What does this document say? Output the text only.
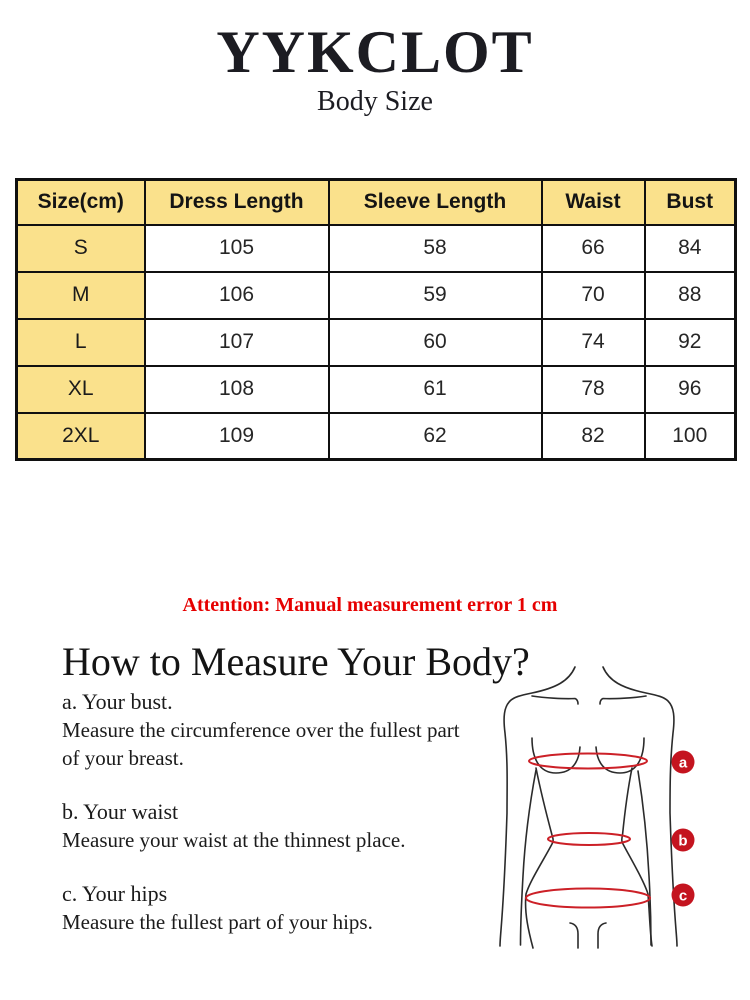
YYKCLOT
Body Size
Size(cm)	Dress Length	Sleeve Length	Waist	Bust
S	105	58	66	84
M	106	59	70	88
L	107	60	74	92
XL	108	61	78	96
2XL	109	62	82	100
Attention: Manual measurement error 1 cm
How to Measure Your Body?
a. Your bust.
Measure the circumference over the fullest part
of your breast.
b. Your waist
Measure your waist at the thinnest place.
c. Your hips
Measure the fullest part of your hips.
a
b
c
